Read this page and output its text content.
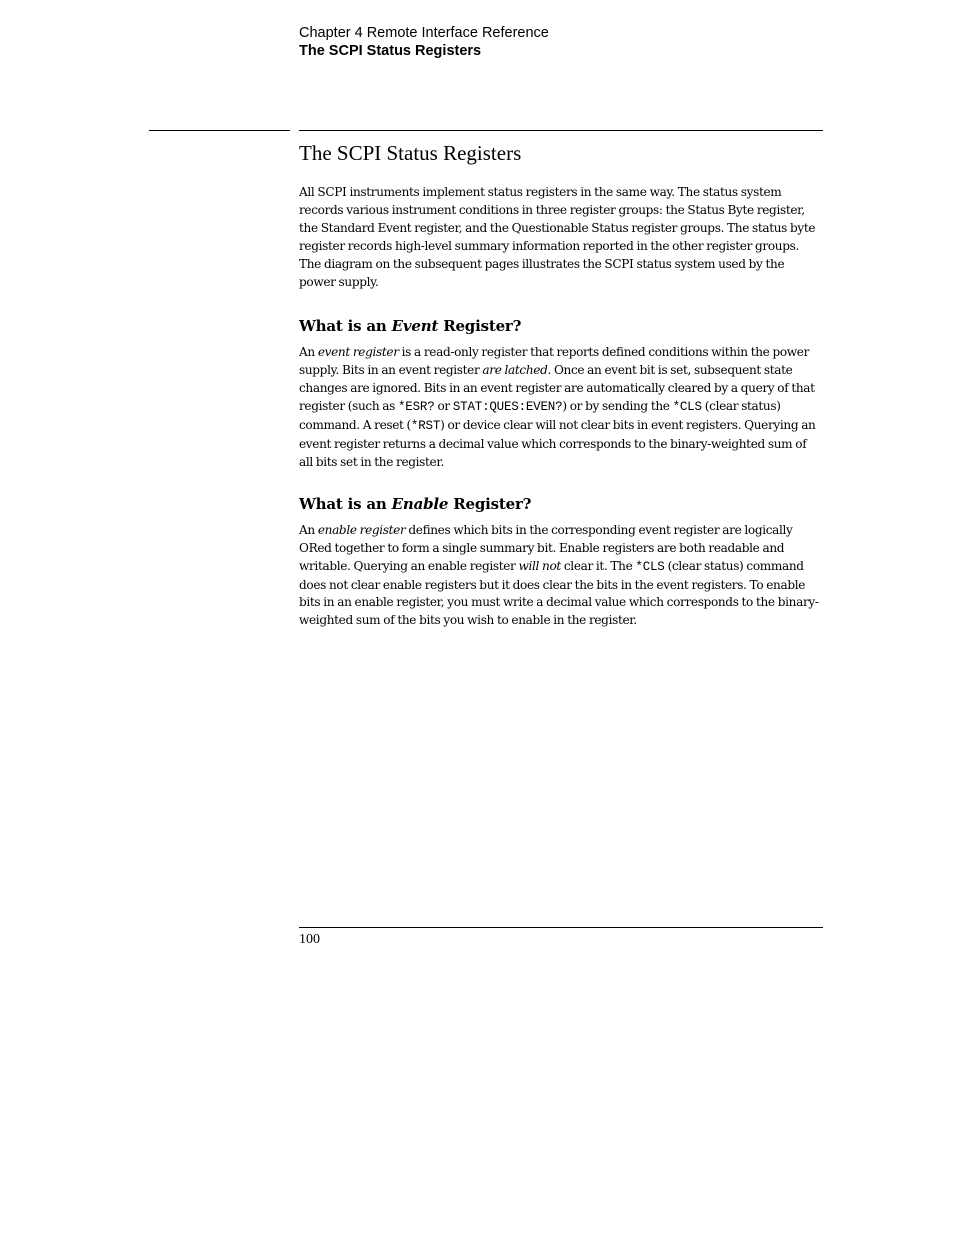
Chapter 4 Remote Interface Reference
The SCPI Status Registers
The SCPI Status Registers

All SCPI instruments implement status registers in the same way. The status system records various instrument conditions in three register groups: the Status Byte register, the Standard Event register, and the Questionable Status register groups. The status byte register records high-level summary information reported in the other register groups. The diagram on the subsequent pages illustrates the SCPI status system used by the power supply.

What is an Event Register?

An event register is a read-only register that reports defined conditions within the power supply. Bits in an event register are latched. Once an event bit is set, subsequent state changes are ignored. Bits in an event register are automatically cleared by a query of that register (such as *ESR? or STAT:QUES:EVEN?) or by sending the *CLS (clear status) command. A reset (*RST) or device clear will not clear bits in event registers. Querying an event register returns a decimal value which corresponds to the binary-weighted sum of all bits set in the register.

What is an Enable Register?

An enable register defines which bits in the corresponding event register are logically ORed together to form a single summary bit. Enable registers are both readable and writable. Querying an enable register will not clear it. The *CLS (clear status) command does not clear enable registers but it does clear the bits in the event registers. To enable bits in an enable register, you must write a decimal value which corresponds to the binary-weighted sum of the bits you wish to enable in the register.

100
